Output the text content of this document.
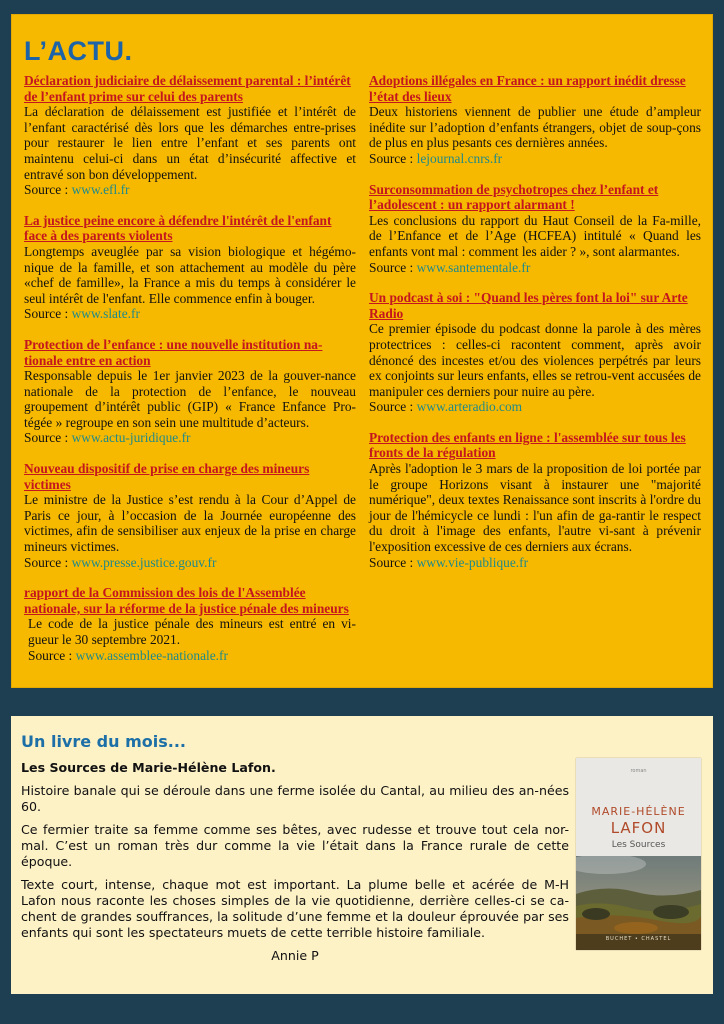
L’ACTU.
Déclaration judiciaire de délaissement parental : l’intérêt de l’enfant prime sur celui des parents
La déclaration de délaissement est justifiée et l’intérêt de l’enfant caractérisé dès lors que les démarches entre-prises pour restaurer le lien entre l’enfant et ses parents ont maintenu celui-ci dans un état d’insécurité affective et entravé son bon développement.
Source : www.efl.fr
La justice peine encore à défendre l'intérêt de l'enfant face à des parents violents
Longtemps aveuglée par sa vision biologique et hégémo-nique de la famille, et son attachement au modèle du père «chef de famille», la France a mis du temps à considérer le seul intérêt de l'enfant. Elle commence enfin à bouger.
Source : www.slate.fr
Protection de l’enfance : une nouvelle institution na-tionale entre en action
Responsable depuis le 1er janvier 2023 de la gouver-nance nationale de la protection de l’enfance, le nouveau groupement d’intérêt public (GIP) « France Enfance Pro-tégée » regroupe en son sein une multitude d’acteurs.
Source : www.actu-juridique.fr
Nouveau dispositif de prise en charge des mineurs victimes
Le ministre de la Justice s’est rendu à la Cour d’Appel de Paris ce jour, à l’occasion de la Journée européenne des victimes, afin de sensibiliser aux enjeux de la prise en charge mineurs victimes.
Source : www.presse.justice.gouv.fr
rapport de la Commission des lois de l'Assemblée nationale, sur la réforme de la justice pénale des mineurs
Le code de la justice pénale des mineurs est entré en vi-gueur le 30 septembre 2021.
Source : www.assemblee-nationale.fr
Adoptions illégales en France : un rapport inédit dresse l’état des lieux
Deux historiens viennent de publier une étude d’ampleur inédite sur l’adoption d’enfants étrangers, objet de soup-çons de plus en plus pesants ces dernières années.
Source : lejournal.cnrs.fr
Surconsommation de psychotropes chez l’enfant et l’adolescent : un rapport alarmant !
Les conclusions du rapport du Haut Conseil de la Fa-mille, de l’Enfance et de l’Age (HCFEA) intitulé « Quand les enfants vont mal : comment les aider ? », sont alarmantes.
Source : www.santementale.fr
Un podcast à soi : "Quand les pères font la loi" sur Arte Radio
Ce premier épisode du podcast donne la parole à des mères protectrices : celles-ci racontent comment, après avoir dénoncé des incestes et/ou des violences perpétrés par leurs ex conjoints sur leurs enfants, elles se retrou-vent accusées de manipuler ces derniers pour nuire au père.
Source : www.arteradio.com
Protection des enfants en ligne : l'assemblée sur tous les fronts de la régulation
Après l'adoption le 3 mars de la proposition de loi portée par le groupe Horizons visant à instaurer une "majorité numérique", deux textes Renaissance sont inscrits à l'ordre du jour de l'hémicycle ce lundi : l'un afin de ga-rantir le respect du droit à l'image des enfants, l'autre vi-sant à prévenir l'exposition excessive de ces derniers aux écrans.
Source : www.vie-publique.fr
Un livre du mois...
Les Sources de Marie-Hélène Lafon.

Histoire banale qui se déroule dans une ferme isolée du Cantal, au milieu des an-nées 60.

Ce fermier traite sa femme comme ses bêtes, avec rudesse et trouve tout cela nor-mal. C’est un roman très dur comme la vie l’était dans la France rurale de cette époque.

Texte court, intense, chaque mot est important. La plume belle et acérée de M-H Lafon nous raconte les choses simples de la vie quotidienne, derrière celles-ci se ca-chent de grandes souffrances, la solitude d’une femme et la douleur éprouvée par ses enfants qui sont les spectateurs muets de cette terrible histoire familiale.

Annie P
roman
MARIE-HÉLÈNE
LAFON
Les Sources
BUCHET • CHASTEL
